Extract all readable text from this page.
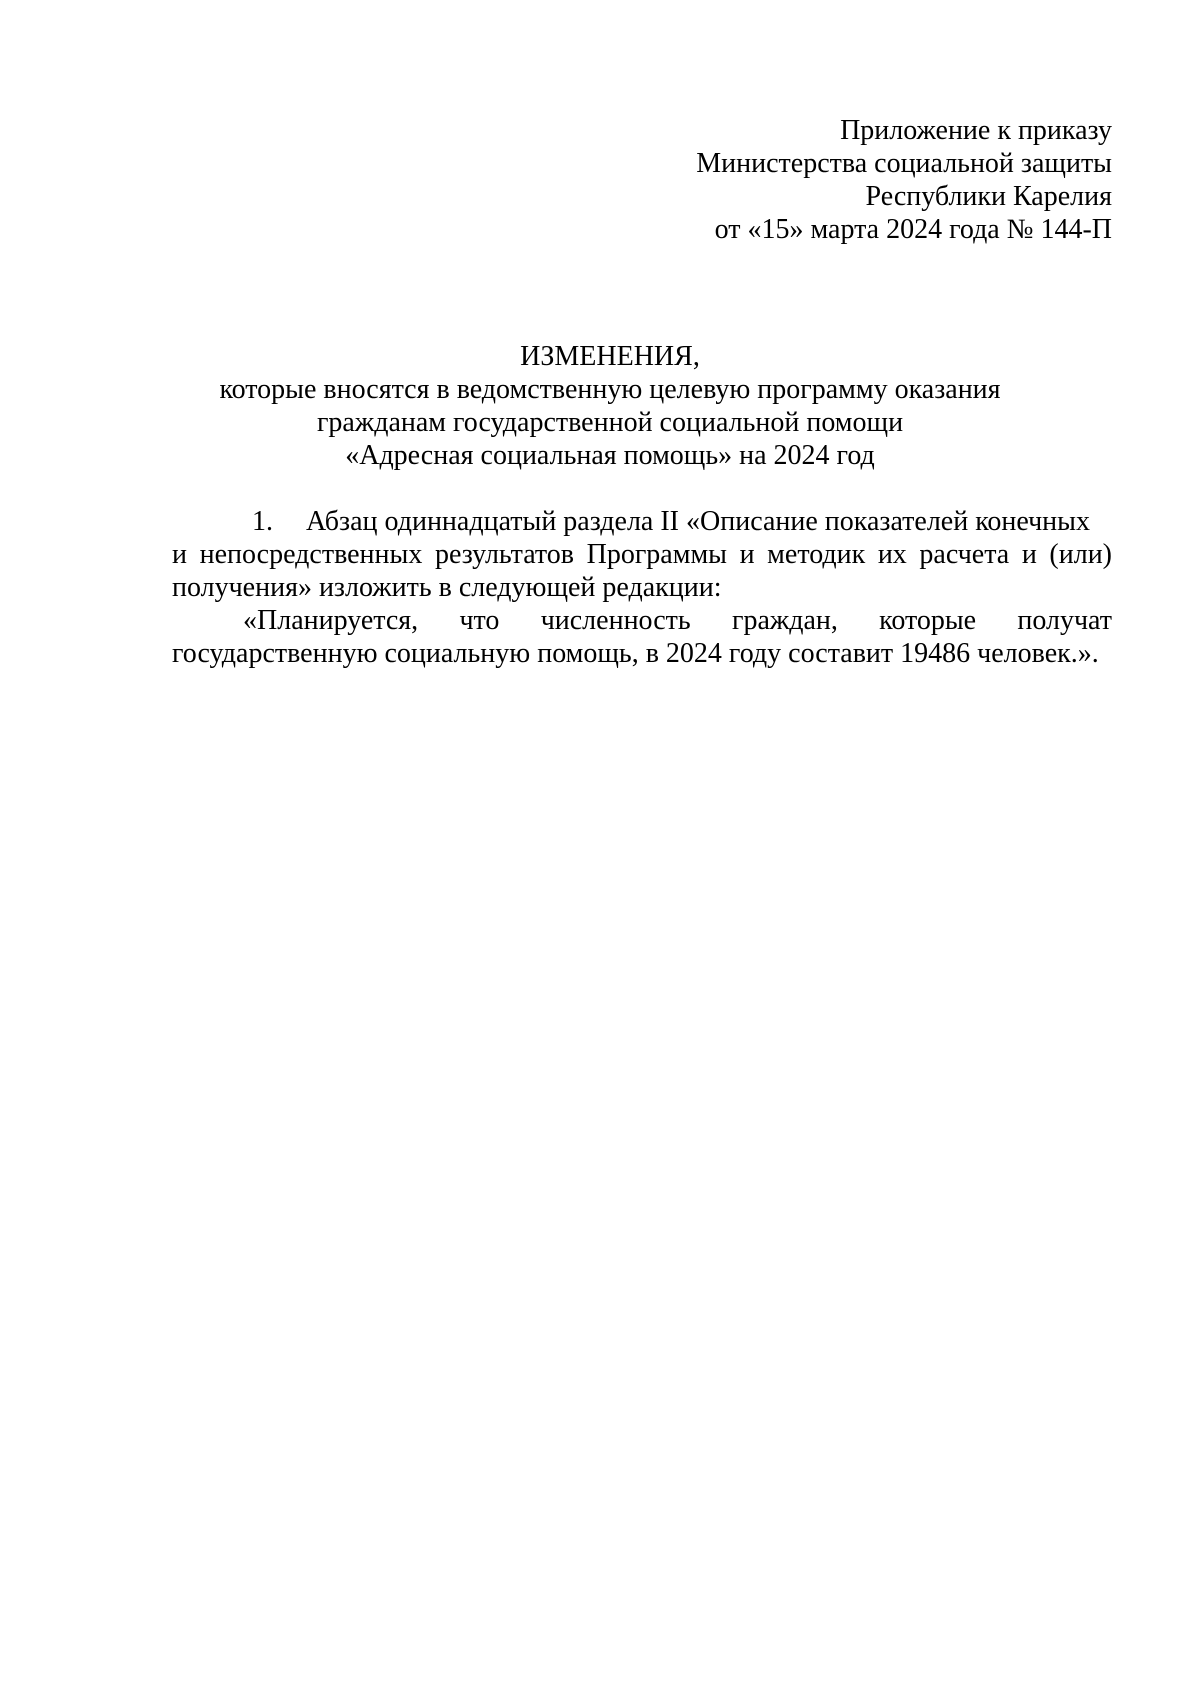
Приложение к приказу
Министерства социальной защиты
Республики Карелия
от «15» марта 2024 года № 144-П
ИЗМЕНЕНИЯ,
которые вносятся в ведомственную целевую программу оказания
гражданам государственной социальной помощи
«Адресная социальная помощь» на 2024 год
1. Абзац одиннадцатый раздела II «Описание показателей конечных
и непосредственных результатов Программы и методик их расчета и (или)
получения» изложить в следующей редакции:
«Планируется, что численность граждан, которые получат
государственную социальную помощь, в 2024 году составит 19486 человек.».
